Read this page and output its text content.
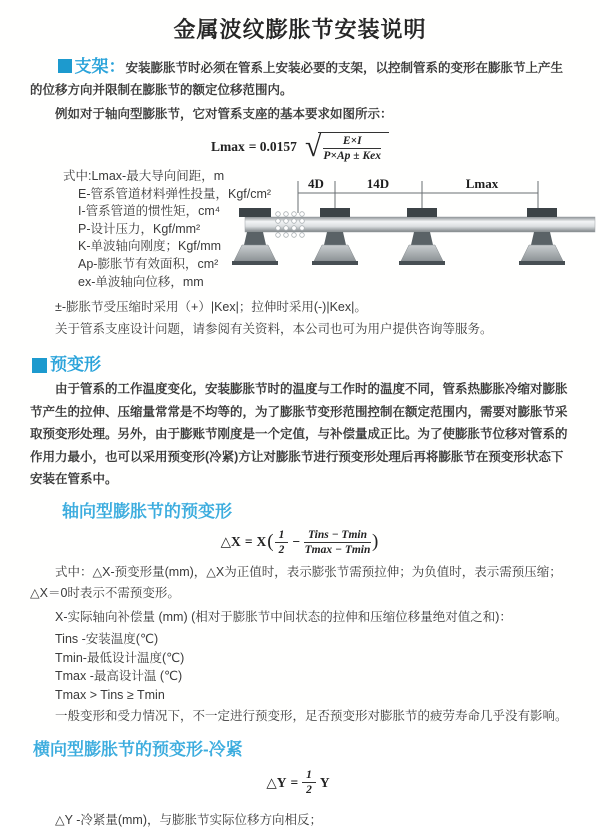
金属波纹膨胀节安装说明

支架：安装膨胀节时必须在管系上安装必要的支架，以控制管系的变形在膨胀节上产生的位移方向并限制在膨胀节的额定位移范围内。

例如对于轴向型膨胀节，它对管系支座的基本要求如图所示：

Lmax = 0.0157 √ $\frac{E\times I}{\text{P×Ap ± Kex}}$
式中:Lmax-最大导向间距，m
E-管系管道材料弹性投量，Kgf/cm²
I-管系管道的惯性矩，cm⁴
P-设计压力，Kgf/mm²
K-单波轴向刚度；Kgf/mm
Ap-膨胀节有效面积，cm²
ex-单波轴向位移，mm
4D	14D	Lmax

±-膨胀节受压缩时采用（+）|Kex|；拉伸时采用(-)|Kex|。

关于管系支座设计问题，请参阅有关资料，本公司也可为用户提供咨询等服务。

预变形

由于管系的工作温度变化，安装膨胀节时的温度与工作时的温度不同，管系热膨胀冷缩对膨胀节产生的拉伸、压缩量常常是不均等的，为了膨胀节变形范围控制在额定范围内，需要对膨胀节采取预变形处理。另外，由于膨账节刚度是一个定值，与补偿量成正比。为了使膨胀节位移对管系的作用力最小，也可以采用预变形(冷紧)方让对膨胀节进行预变形处理后再将膨胀节在预变形状态下安装在管系中。

轴向型膨胀节的预变形
△X = X ( $\frac{1}{2} - \frac{\text{Tins − Tmin}}{Tmax - Tmin}$ )

式中：△X-预变形量(mm)，△X为正值时，表示膨张节需预拉伸；为负值时，表示需预压缩；△X＝0时表示不需预变形。

X-实际轴向补偿量 (mm) (相对于膨胀节中间状态的拉伸和压缩位移量绝对值之和)：

Tins -安装温度(℃)

Tmin-最低设计温度(℃)

Tmax -最高设计温 (℃)

Tmax > Tins ≥ Tmin

一般变形和受力情况下，不一定进行预变形，足否预变形对膨胀节的疲劳寿命几乎没有影响。

横向型膨胀节的预变形-冷紧
△Y = $\frac{1}{2}$ Y

△Y -冷紧量(mm)，与膨胀节实际位移方向相反；
